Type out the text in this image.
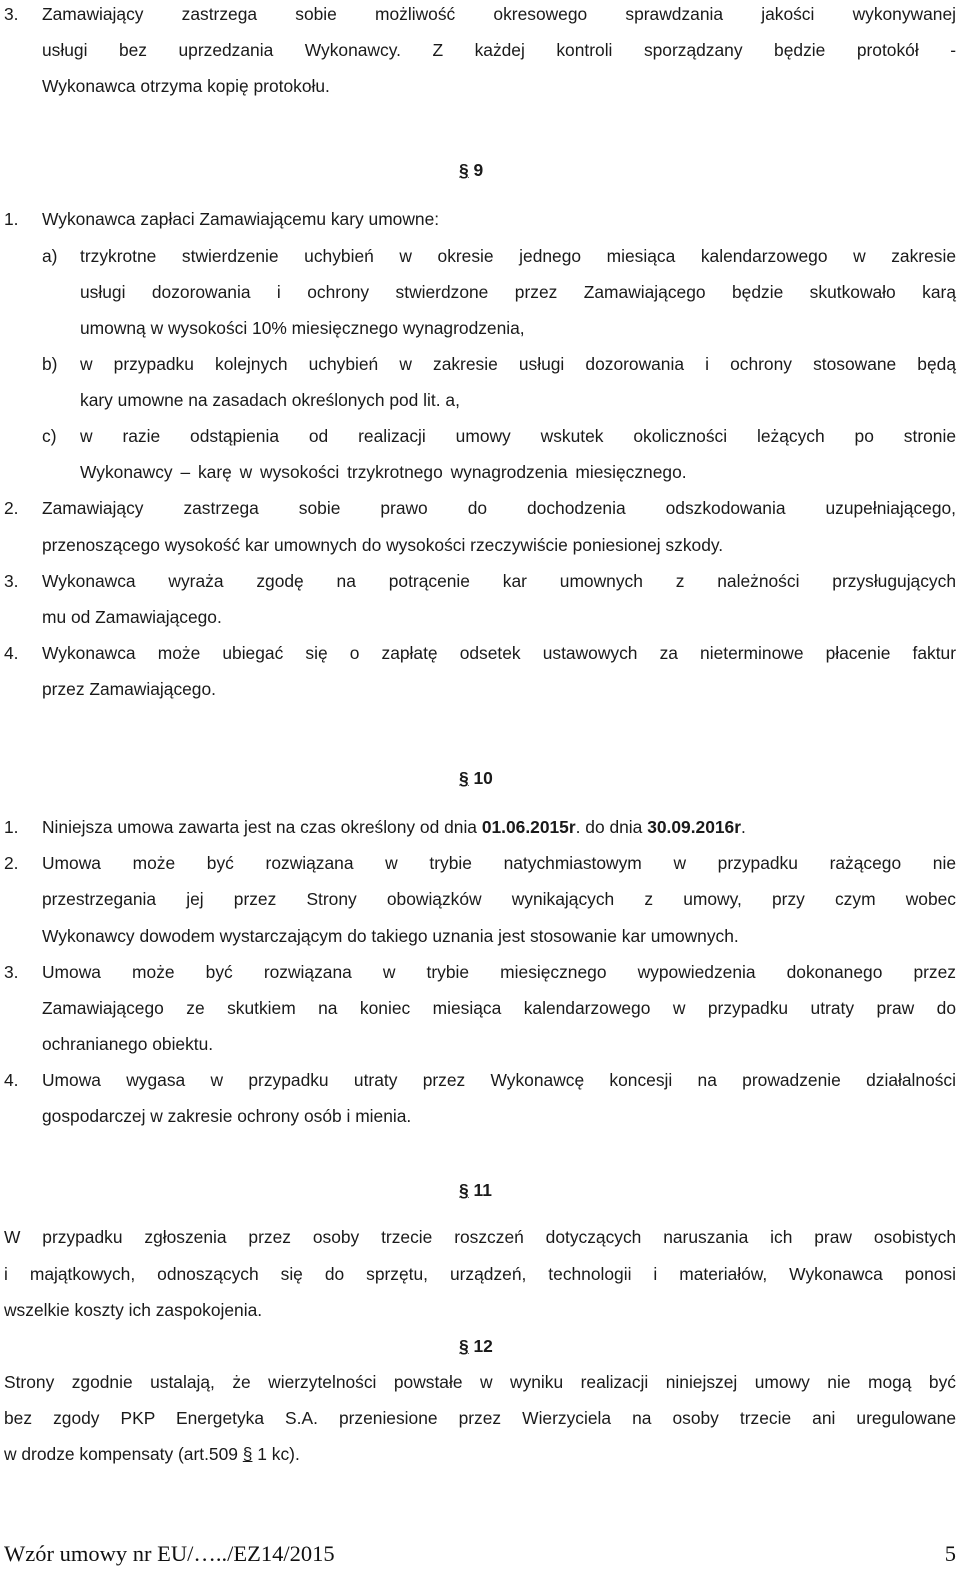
3. Zamawiający zastrzega sobie możliwość okresowego sprawdzania jakości wykonywanej
usługi bez uprzedzania Wykonawcy. Z każdej kontroli sporządzany będzie protokół -
Wykonawca otrzyma kopię protokołu.
§ 9
1. Wykonawca zapłaci Zamawiającemu kary umowne:
a) trzykrotne stwierdzenie uchybień w okresie jednego miesiąca kalendarzowego w zakresie
usługi dozorowania i ochrony stwierdzone przez Zamawiającego będzie skutkowało karą
umowną w wysokości 10% miesięcznego wynagrodzenia,
b) w przypadku kolejnych uchybień w zakresie usługi dozorowania i ochrony stosowane będą
kary umowne na zasadach określonych pod lit. a,
c) w razie odstąpienia od realizacji umowy wskutek okoliczności leżących po stronie
Wykonawcy – karę w wysokości trzykrotnego wynagrodzenia miesięcznego.
2. Zamawiający zastrzega sobie prawo do dochodzenia odszkodowania uzupełniającego,
przenoszącego wysokość kar umownych do wysokości rzeczywiście poniesionej szkody.
3. Wykonawca wyraża zgodę na potrącenie kar umownych z należności przysługujących
mu od Zamawiającego.
4. Wykonawca może ubiegać się o zapłatę odsetek ustawowych za nieterminowe płacenie faktur
przez Zamawiającego.
§ 10
1. Niniejsza umowa zawarta jest na czas określony od dnia 01.06.2015r. do dnia 30.09.2016r.
2. Umowa może być rozwiązana w trybie natychmiastowym w przypadku rażącego nie
przestrzegania jej przez Strony obowiązków wynikających z umowy, przy czym wobec
Wykonawcy dowodem wystarczającym do takiego uznania jest stosowanie kar umownych.
3. Umowa może być rozwiązana w trybie miesięcznego wypowiedzenia dokonanego przez
Zamawiającego ze skutkiem na koniec miesiąca kalendarzowego w przypadku utraty praw do
ochranianego obiektu.
4. Umowa wygasa w przypadku utraty przez Wykonawcę koncesji na prowadzenie działalności
gospodarczej w zakresie ochrony osób i mienia.
§ 11
W przypadku zgłoszenia przez osoby trzecie roszczeń dotyczących naruszania ich praw osobistych
i majątkowych, odnoszących się do sprzętu, urządzeń, technologii i materiałów, Wykonawca ponosi
wszelkie koszty ich zaspokojenia.
§ 12
Strony zgodnie ustalają, że wierzytelności powstałe w wyniku realizacji niniejszej umowy nie mogą być
bez zgody PKP Energetyka S.A. przeniesione przez Wierzyciela na osoby trzecie ani uregulowane
w drodze kompensaty (art.509 § 1 kc).
Wzór umowy nr EU/…../EZ14/2015	5
